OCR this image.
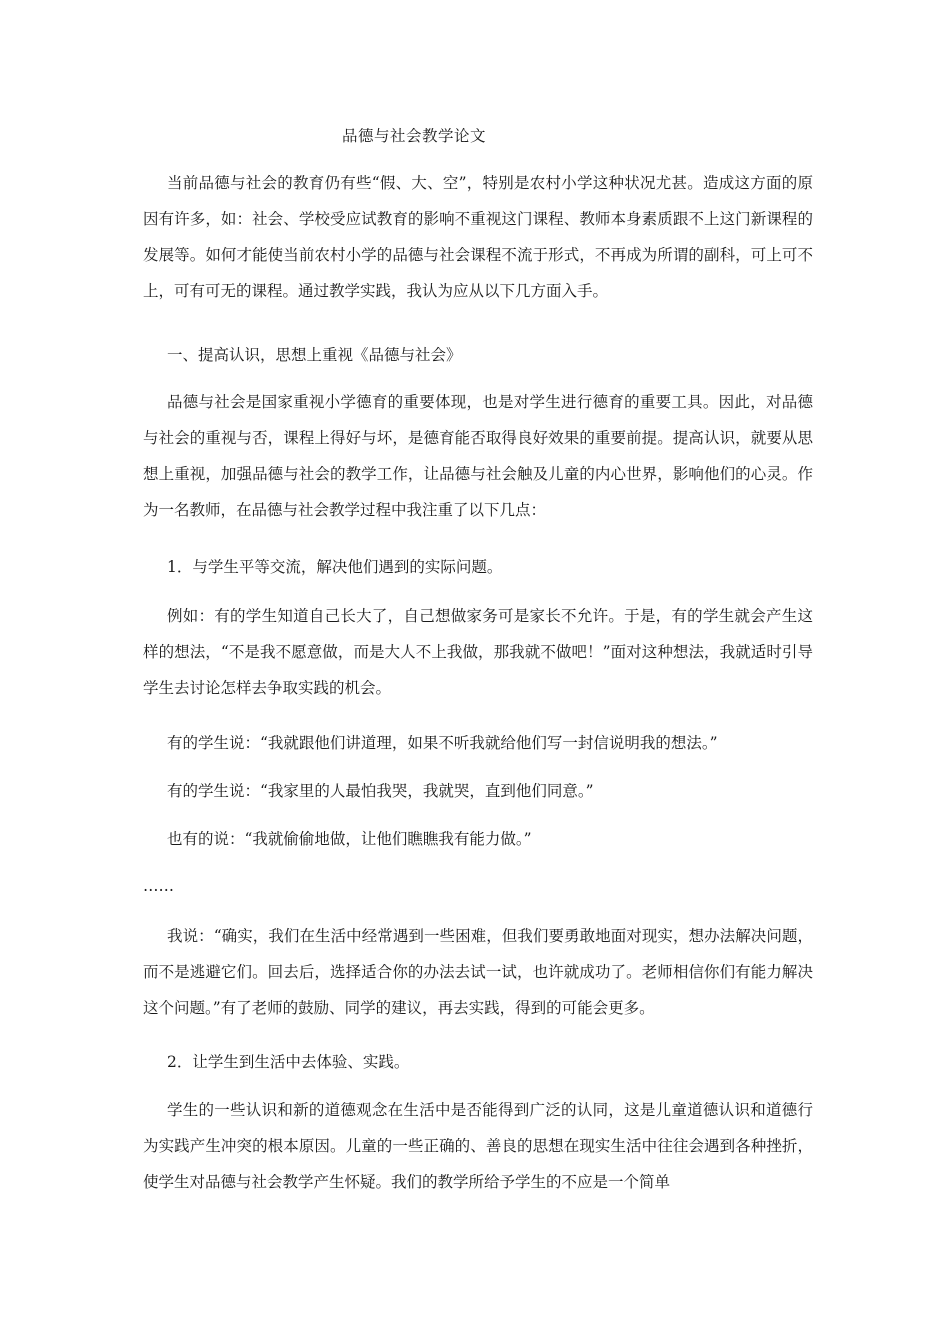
品德与社会教学论文

当前品德与社会的教育仍有些“假、大、空”，特别是农村小学这种状况尤甚。造成这方面的原因有许多，如：社会、学校受应试教育的影响不重视这门课程、教师本身素质跟不上这门新课程的发展等。如何才能使当前农村小学的品德与社会课程不流于形式，不再成为所谓的副科，可上可不上，可有可无的课程。通过教学实践，我认为应从以下几方面入手。

一、提高认识，思想上重视《品德与社会》

品德与社会是国家重视小学德育的重要体现，也是对学生进行德育的重要工具。因此，对品德与社会的重视与否，课程上得好与坏，是德育能否取得良好效果的重要前提。提高认识，就要从思想上重视，加强品德与社会的教学工作，让品德与社会触及儿童的内心世界，影响他们的心灵。作为一名教师，在品德与社会教学过程中我注重了以下几点：

1．与学生平等交流，解决他们遇到的实际问题。

例如：有的学生知道自己长大了，自己想做家务可是家长不允许。于是，有的学生就会产生这样的想法，“不是我不愿意做，而是大人不上我做，那我就不做吧！”面对这种想法，我就适时引导学生去讨论怎样去争取实践的机会。

有的学生说：“我就跟他们讲道理，如果不听我就给他们写一封信说明我的想法。”

有的学生说：“我家里的人最怕我哭，我就哭，直到他们同意。”

也有的说：“我就偷偷地做，让他们瞧瞧我有能力做。”

……

我说：“确实，我们在生活中经常遇到一些困难，但我们要勇敢地面对现实，想办法解决问题，而不是逃避它们。回去后，选择适合你的办法去试一试，也许就成功了。老师相信你们有能力解决这个问题。”有了老师的鼓励、同学的建议，再去实践，得到的可能会更多。

2．让学生到生活中去体验、实践。

学生的一些认识和新的道德观念在生活中是否能得到广泛的认同，这是儿童道德认识和道德行为实践产生冲突的根本原因。儿童的一些正确的、善良的思想在现实生活中往往会遇到各种挫折，使学生对品德与社会教学产生怀疑。我们的教学所给予学生的不应是一个简单
